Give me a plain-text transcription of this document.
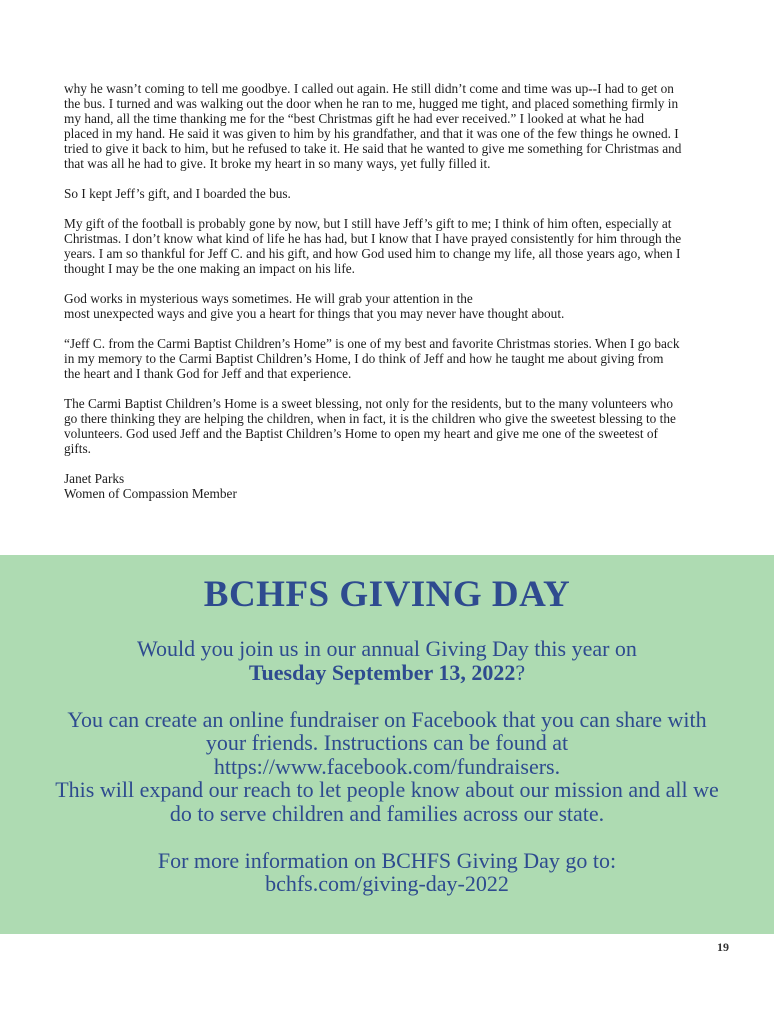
why he wasn’t coming to tell me goodbye. I called out again. He still didn’t come and time was up--I had to get on the bus. I turned and was walking out the door when he ran to me, hugged me tight, and placed something firmly in my hand, all the time thanking me for the “best Christmas gift he had ever received.” I looked at what he had placed in my hand. He said it was given to him by his grandfather, and that it was one of the few things he owned. I tried to give it back to him, but he refused to take it. He said that he wanted to give me something for Christmas and that was all he had to give. It broke my heart in so many ways, yet fully filled it.

So I kept Jeff’s gift, and I boarded the bus.

My gift of the football is probably gone by now, but I still have Jeff’s gift to me; I think of him often, especially at Christmas. I don’t know what kind of life he has had, but I know that I have prayed consistently for him through the years. I am so thankful for Jeff C. and his gift, and how God used him to change my life, all those years ago, when I thought I may be the one making an impact on his life.

God works in mysterious ways sometimes. He will grab your attention in the
most unexpected ways and give you a heart for things that you may never have thought about.

“Jeff C. from the Carmi Baptist Children’s Home” is one of my best and favorite Christmas stories. When I go back in my memory to the Carmi Baptist Children’s Home, I do think of Jeff and how he taught me about giving from the heart and I thank God for Jeff and that experience.

The Carmi Baptist Children’s Home is a sweet blessing, not only for the residents, but to the many volunteers who go there thinking they are helping the children, when in fact, it is the children who give the sweetest blessing to the volunteers. God used Jeff and the Baptist Children’s Home to open my heart and give me one of the sweetest of gifts.

Janet Parks
Women of Compassion Member

BCHFS GIVING DAY

Would you join us in our annual Giving Day this year on
Tuesday September 13, 2022?

You can create an online fundraiser on Facebook that you can share with your friends. Instructions can be found at https://www.facebook.com/fundraisers.
This will expand our reach to let people know about our mission and all we do to serve children and families across our state.

For more information on BCHFS Giving Day go to:
bchfs.com/giving-day-2022

19
